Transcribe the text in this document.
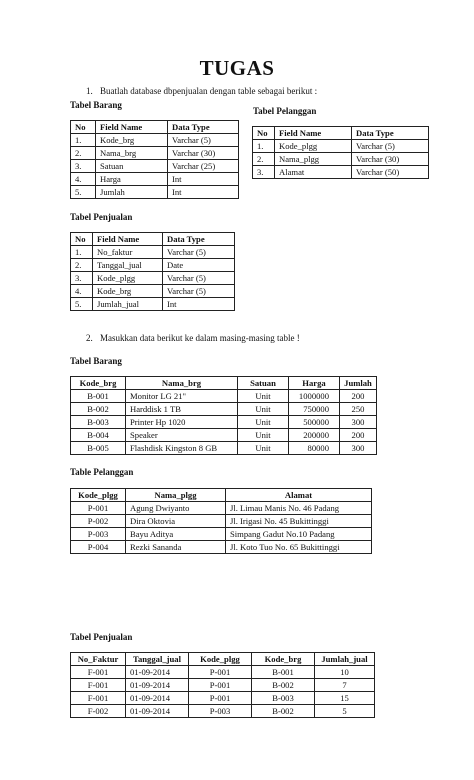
TUGAS
1. Buatlah database dbpenjualan dengan table sebagai berikut :
Tabel Barang
Tabel Pelanggan
No	Field Name	Data Type
1.	Kode_brg	Varchar (5)
2.	Nama_brg	Varchar (30)
3.	Satuan	Varchar (25)
4.	Harga	Int
5.	Jumlah	Int
No	Field Name	Data Type
1.	Kode_plgg	Varchar (5)
2.	Nama_plgg	Varchar (30)
3.	Alamat	Varchar (50)
Tabel Penjualan
No	Field Name	Data Type
1.	No_faktur	Varchar (5)
2.	Tanggal_jual	Date
3.	Kode_plgg	Varchar (5)
4.	Kode_brg	Varchar (5)
5.	Jumlah_jual	Int
2. Masukkan data berikut ke dalam masing-masing table !
Tabel Barang
Kode_brg	Nama_brg	Satuan	Harga	Jumlah
B-001	Monitor LG 21"	Unit	1000000	200
B-002	Harddisk 1 TB	Unit	750000	250
B-003	Printer Hp 1020	Unit	500000	300
B-004	Speaker	Unit	200000	200
B-005	Flashdisk Kingston 8 GB	Unit	80000	300
Table Pelanggan
Kode_plgg	Nama_plgg	Alamat
P-001	Agung Dwiyanto	Jl. Limau Manis No. 46 Padang
P-002	Dira Oktovia	Jl. Irigasi No. 45 Bukittinggi
P-003	Bayu Aditya	Simpang Gadut No.10 Padang
P-004	Rezki Sananda	Jl. Koto Tuo No. 65 Bukittinggi
Tabel Penjualan
No_Faktur	Tanggal_jual	Kode_plgg	Kode_brg	Jumlah_jual
F-001	01-09-2014	P-001	B-001	10
F-001	01-09-2014	P-001	B-002	7
F-001	01-09-2014	P-001	B-003	15
F-002	01-09-2014	P-003	B-002	5
